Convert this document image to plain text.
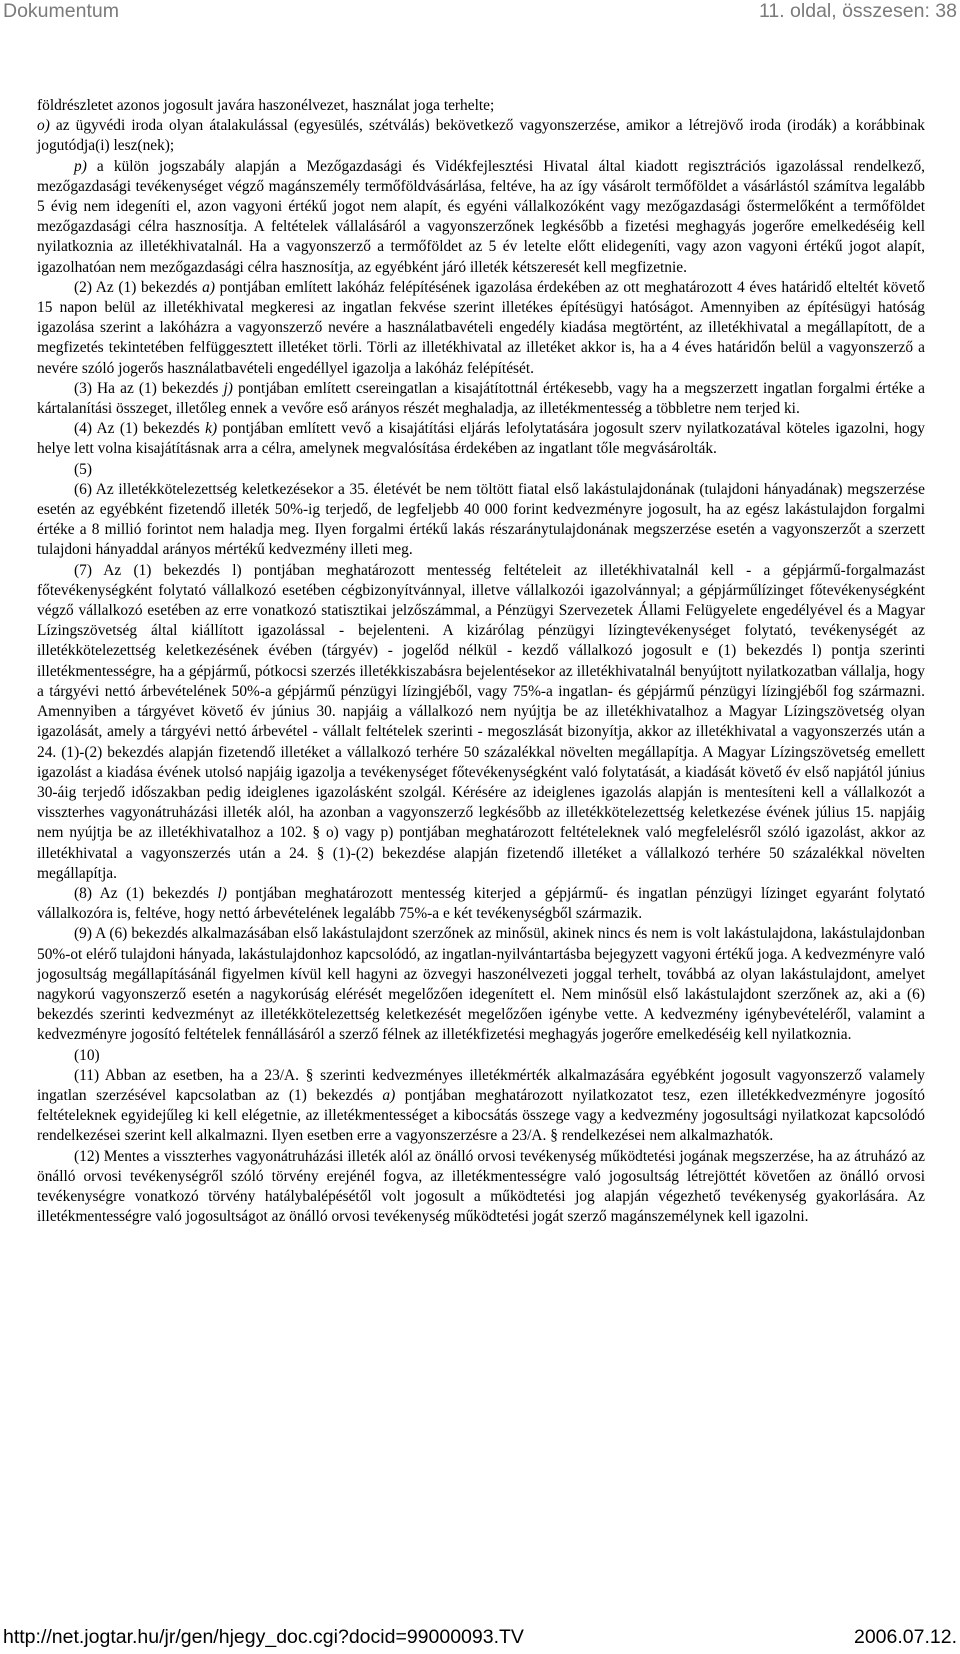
Dokumentum	11. oldal, összesen: 38

földrészletet azonos jogosult javára haszonélvezet, használat joga terhelte;

o) az ügyvédi iroda olyan átalakulással (egyesülés, szétválás) bekövetkező vagyonszerzése, amikor a létrejövő iroda (irodák) a korábbinak jogutódja(i) lesz(nek);

p) a külön jogszabály alapján a Mezőgazdasági és Vidékfejlesztési Hivatal által kiadott regisztrációs igazolással rendelkező, mezőgazdasági tevékenységet végző magánszemély termőföldvásárlása, feltéve, ha az így vásárolt termőföldet a vásárlástól számítva legalább 5 évig nem idegeníti el, azon vagyoni értékű jogot nem alapít, és egyéni vállalkozóként vagy mezőgazdasági őstermelőként a termőföldet mezőgazdasági célra hasznosítja. A feltételek vállalásáról a vagyonszerzőnek legkésőbb a fizetési meghagyás jogerőre emelkedéséig kell nyilatkoznia az illetékhivatalnál. Ha a vagyonszerző a termőföldet az 5 év letelte előtt elidegeníti, vagy azon vagyoni értékű jogot alapít, igazolhatóan nem mezőgazdasági célra hasznosítja, az egyébként járó illeték kétszeresét kell megfizetnie.

(2) Az (1) bekezdés a) pontjában említett lakóház felépítésének igazolása érdekében az ott meghatározott 4 éves határidő elteltét követő 15 napon belül az illetékhivatal megkeresi az ingatlan fekvése szerint illetékes építésügyi hatóságot. Amennyiben az építésügyi hatóság igazolása szerint a lakóházra a vagyonszerző nevére a használatbavételi engedély kiadása megtörtént, az illetékhivatal a megállapított, de a megfizetés tekintetében felfüggesztett illetéket törli. Törli az illetékhivatal az illetéket akkor is, ha a 4 éves határidőn belül a vagyonszerző a nevére szóló jogerős használatbavételi engedéllyel igazolja a lakóház felépítését.

(3) Ha az (1) bekezdés j) pontjában említett csereingatlan a kisajátítottnál értékesebb, vagy ha a megszerzett ingatlan forgalmi értéke a kártalanítási összeget, illetőleg ennek a vevőre eső arányos részét meghaladja, az illetékmentesség a többletre nem terjed ki.

(4) Az (1) bekezdés k) pontjában említett vevő a kisajátítási eljárás lefolytatására jogosult szerv nyilatkozatával köteles igazolni, hogy helye lett volna kisajátításnak arra a célra, amelynek megvalósítása érdekében az ingatlant tőle megvásárolták.

(5)

(6) Az illetékkötelezettség keletkezésekor a 35. életévét be nem töltött fiatal első lakástulajdonának (tulajdoni hányadának) megszerzése esetén az egyébként fizetendő illeték 50%-ig terjedő, de legfeljebb 40 000 forint kedvezményre jogosult, ha az egész lakástulajdon forgalmi értéke a 8 millió forintot nem haladja meg. Ilyen forgalmi értékű lakás részaránytulajdonának megszerzése esetén a vagyonszerzőt a szerzett tulajdoni hányaddal arányos mértékű kedvezmény illeti meg.

(7) Az (1) bekezdés l) pontjában meghatározott mentesség feltételeit az illetékhivatalnál kell - a gépjármű-forgalmazást főtevékenységként folytató vállalkozó esetében cégbizonyítvánnyal, illetve vállalkozói igazolvánnyal; a gépjárműlízinget főtevékenységként végző vállalkozó esetében az erre vonatkozó statisztikai jelzőszámmal, a Pénzügyi Szervezetek Állami Felügyelete engedélyével és a Magyar Lízingszövetség által kiállított igazolással - bejelenteni. A kizárólag pénzügyi lízingtevékenységet folytató, tevékenységét az illetékkötelezettség keletkezésének évében (tárgyév) - jogelőd nélkül - kezdő vállalkozó jogosult e (1) bekezdés l) pontja szerinti illetékmentességre, ha a gépjármű, pótkocsi szerzés illetékkiszabásra bejelentésekor az illetékhivatalnál benyújtott nyilatkozatban vállalja, hogy a tárgyévi nettó árbevételének 50%-a gépjármű pénzügyi lízingjéből, vagy 75%-a ingatlan- és gépjármű pénzügyi lízingjéből fog származni. Amennyiben a tárgyévet követő év június 30. napjáig a vállalkozó nem nyújtja be az illetékhivatalhoz a Magyar Lízingszövetség olyan igazolását, amely a tárgyévi nettó árbevétel - vállalt feltételek szerinti - megoszlását bizonyítja, akkor az illetékhivatal a vagyonszerzés után a 24. (1)-(2) bekezdés alapján fizetendő illetéket a vállalkozó terhére 50 százalékkal növelten megállapítja. A Magyar Lízingszövetség emellett igazolást a kiadása évének utolsó napjáig igazolja a tevékenységet főtevékenységként való folytatását, a kiadását követő év első napjától június 30-áig terjedő időszakban pedig ideiglenes igazolásként szolgál. Kérésére az ideiglenes igazolás alapján is mentesíteni kell a vállalkozót a visszterhes vagyonátruházási illeték alól, ha azonban a vagyonszerző legkésőbb az illetékkötelezettség keletkezése évének július 15. napjáig nem nyújtja be az illetékhivatalhoz a 102. § o) vagy p) pontjában meghatározott feltételeknek való megfelelésről szóló igazolást, akkor az illetékhivatal a vagyonszerzés után a 24. § (1)-(2) bekezdése alapján fizetendő illetéket a vállalkozó terhére 50 százalékkal növelten megállapítja.

(8) Az (1) bekezdés l) pontjában meghatározott mentesség kiterjed a gépjármű- és ingatlan pénzügyi lízinget egyaránt folytató vállalkozóra is, feltéve, hogy nettó árbevételének legalább 75%-a e két tevékenységből származik.

(9) A (6) bekezdés alkalmazásában első lakástulajdont szerzőnek az minősül, akinek nincs és nem is volt lakástulajdona, lakástulajdonban 50%-ot elérő tulajdoni hányada, lakástulajdonhoz kapcsolódó, az ingatlan-nyilvántartásba bejegyzett vagyoni értékű joga. A kedvezményre való jogosultság megállapításánál figyelmen kívül kell hagyni az özvegyi haszonélvezeti joggal terhelt, továbbá az olyan lakástulajdont, amelyet nagykorú vagyonszerző esetén a nagykorúság elérését megelőzően idegenített el. Nem minősül első lakástulajdont szerzőnek az, aki a (6) bekezdés szerinti kedvezményt az illetékkötelezettség keletkezését megelőzően igénybe vette. A kedvezmény igénybevételéről, valamint a kedvezményre jogosító feltételek fennállásáról a szerző félnek az illetékfizetési meghagyás jogerőre emelkedéséig kell nyilatkoznia.

(10)

(11) Abban az esetben, ha a 23/A. § szerinti kedvezményes illetékmérték alkalmazására egyébként jogosult vagyonszerző valamely ingatlan szerzésével kapcsolatban az (1) bekezdés a) pontjában meghatározott nyilatkozatot tesz, ezen illetékkedvezményre jogosító feltételeknek egyidejűleg ki kell elégetnie, az illetékmentességet a kibocsátás összege vagy a kedvezmény jogosultsági nyilatkozat kapcsolódó rendelkezései szerint kell alkalmazni. Ilyen esetben erre a vagyonszerzésre a 23/A. § rendelkezései nem alkalmazhatók.

(12) Mentes a visszterhes vagyonátruházási illeték alól az önálló orvosi tevékenység működtetési jogának megszerzése, ha az átruházó az önálló orvosi tevékenységről szóló törvény erejénél fogva, az illetékmentességre való jogosultság létrejöttét követően az önálló orvosi tevékenységre vonatkozó törvény hatálybalépésétől volt jogosult a működtetési jog alapján végezhető tevékenység gyakorlására. Az illetékmentességre való jogosultságot az önálló orvosi tevékenység működtetési jogát szerző magánszemélynek kell igazolni.

http://net.jogtar.hu/jr/gen/hjegy_doc.cgi?docid=99000093.TV	2006.07.12.
